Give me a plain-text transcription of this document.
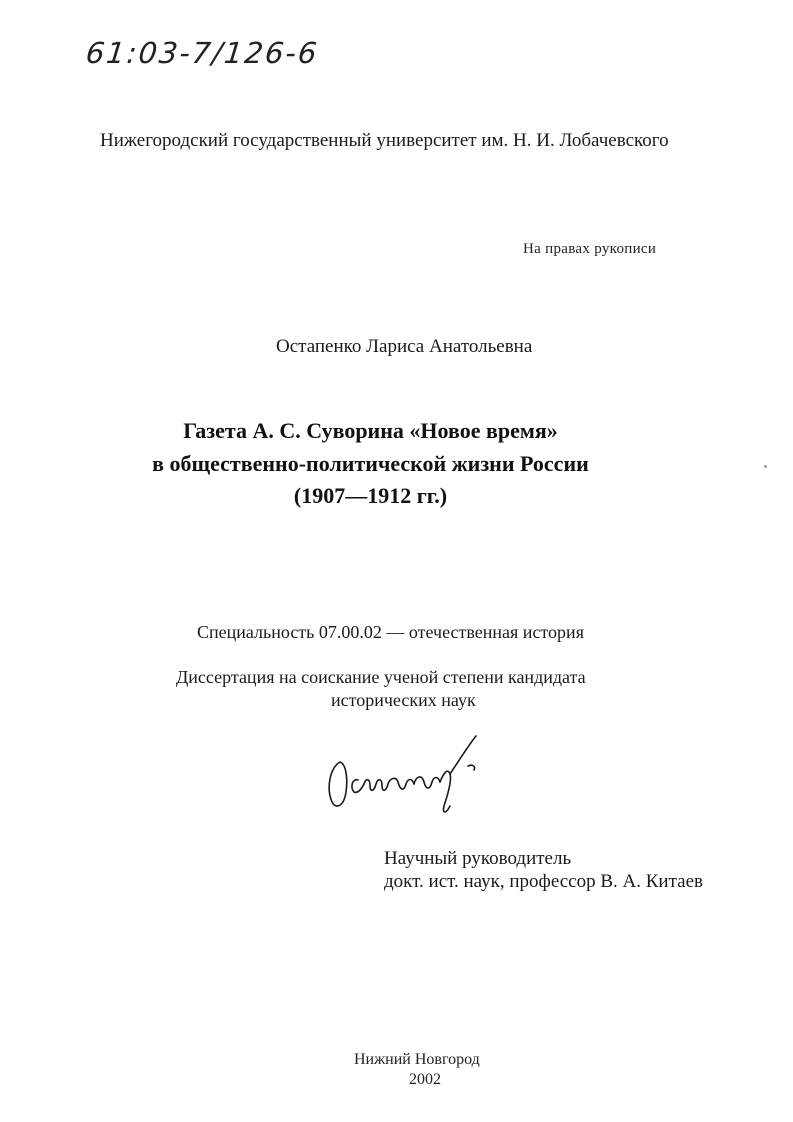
61:03-7/126-6
Нижегородский государственный университет им. Н. И. Лобачевского
На правах рукописи
Остапенко Лариса Анатольевна
Газета А. С. Суворина «Новое время»
в общественно-политической жизни России
(1907—1912 гг.)
Специальность 07.00.02 — отечественная история
Диссертация на соискание ученой степени кандидата
исторических наук
Научный руководитель
докт. ист. наук, профессор В. А. Китаев
Нижний Новгород
2002
